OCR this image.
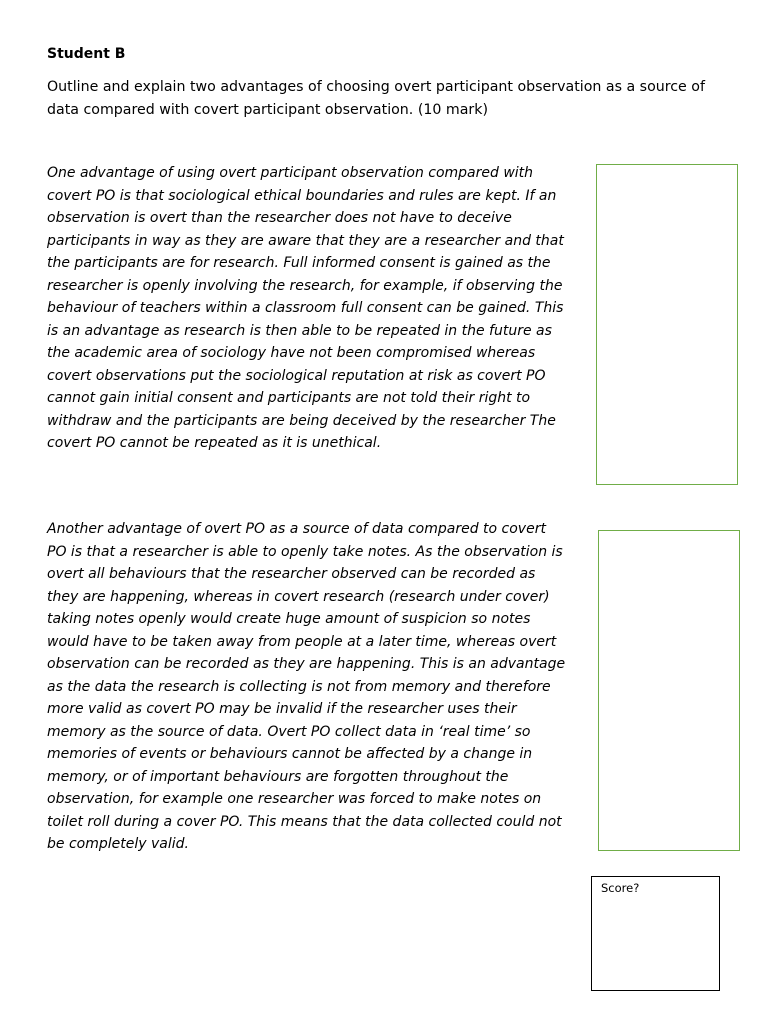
Student B

Outline and explain two advantages of choosing overt participant observation as a source of data compared with covert participant observation. (10 mark)

One advantage of using overt participant observation compared with covert PO is that sociological ethical boundaries and rules are kept. If an observation is overt than the researcher does not have to deceive participants in way as they are aware that they are a researcher and that the participants are for research. Full informed consent is gained as the researcher is openly involving the research, for example, if observing the behaviour of teachers within a classroom full consent can be gained. This is an advantage as research is then able to be repeated in the future as the academic area of sociology have not been compromised whereas covert observations put the sociological reputation at risk as covert PO cannot gain initial consent and participants are not told their right to withdraw and the participants are being deceived by the researcher The covert PO cannot be repeated as it is unethical.

Another advantage of overt PO as a source of data compared to covert PO is that a researcher is able to openly take notes. As the observation is overt all behaviours that the researcher observed can be recorded as they are happening, whereas in covert research (research under cover) taking notes openly would create huge amount of suspicion so notes would have to be taken away from people at a later time, whereas overt observation can be recorded as they are happening. This is an advantage as the data the research is collecting is not from memory and therefore more valid as covert PO may be invalid if the researcher uses their memory as the source of data. Overt PO collect data in ‘real time’ so memories of events or behaviours cannot be affected by a change in memory, or of important behaviours are forgotten throughout the observation, for example one researcher was forced to make notes on toilet roll during a cover PO. This means that the data collected could not be completely valid.

Score?
